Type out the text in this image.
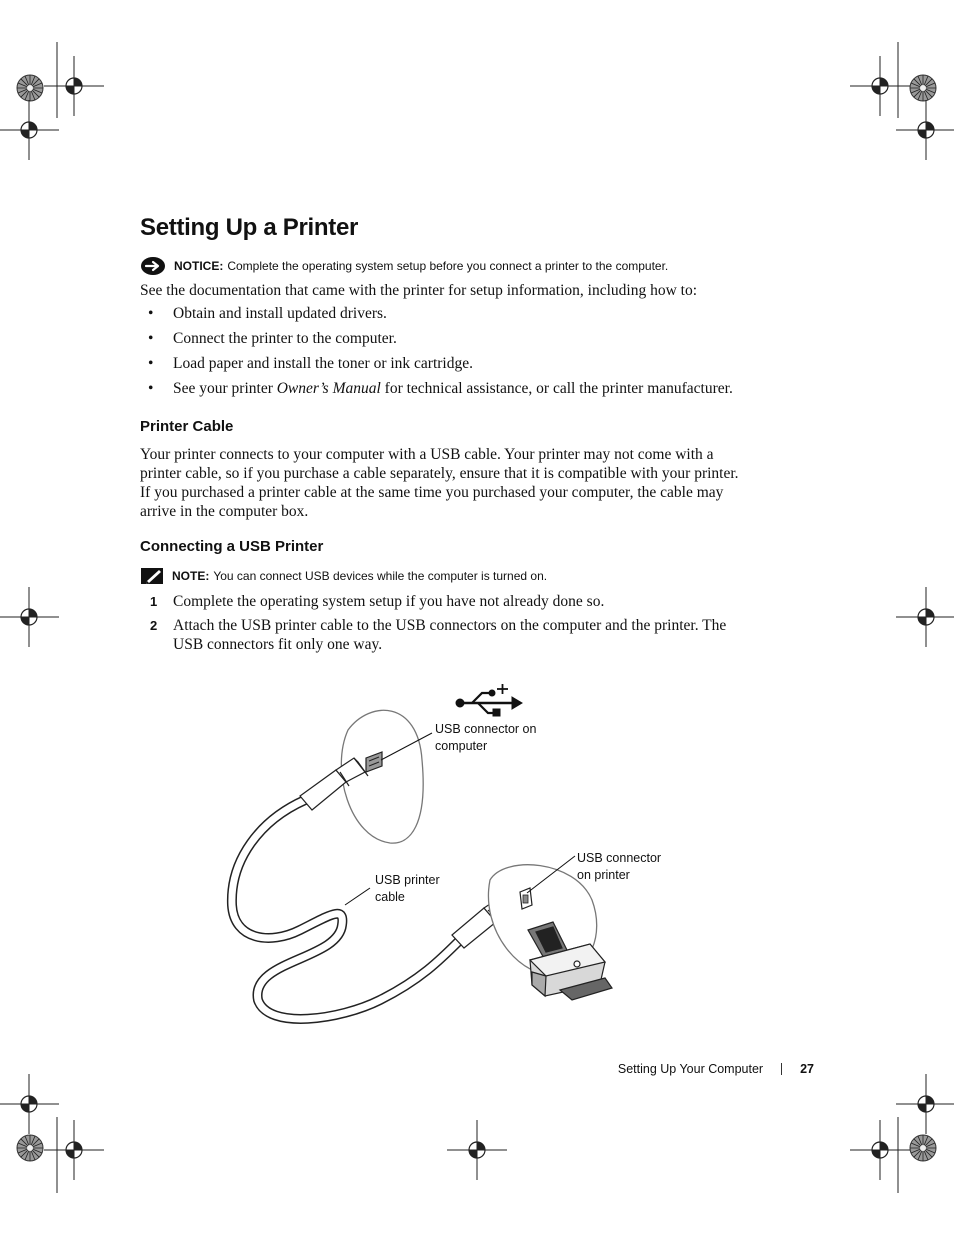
Setting Up a Printer
NOTICE: Complete the operating system setup before you connect a printer to the computer.
See the documentation that came with the printer for setup information, including how to:
• Obtain and install updated drivers.
• Connect the printer to the computer.
• Load paper and install the toner or ink cartridge.
• See your printer Owner’s Manual for technical assistance, or call the printer manufacturer.
Printer Cable
Your printer connects to your computer with a USB cable. Your printer may not come with a
printer cable, so if you purchase a cable separately, ensure that it is compatible with your printer.
If you purchased a printer cable at the same time you purchased your computer, the cable may
arrive in the computer box.
Connecting a USB Printer
NOTE: You can connect USB devices while the computer is turned on.
1 Complete the operating system setup if you have not already done so.
2 Attach the USB printer cable to the USB connectors on the computer and the printer. The
USB connectors fit only one way.
USB connector on
computer
USB printer
cable
USB connector
on printer
Setting Up Your Computer	27
